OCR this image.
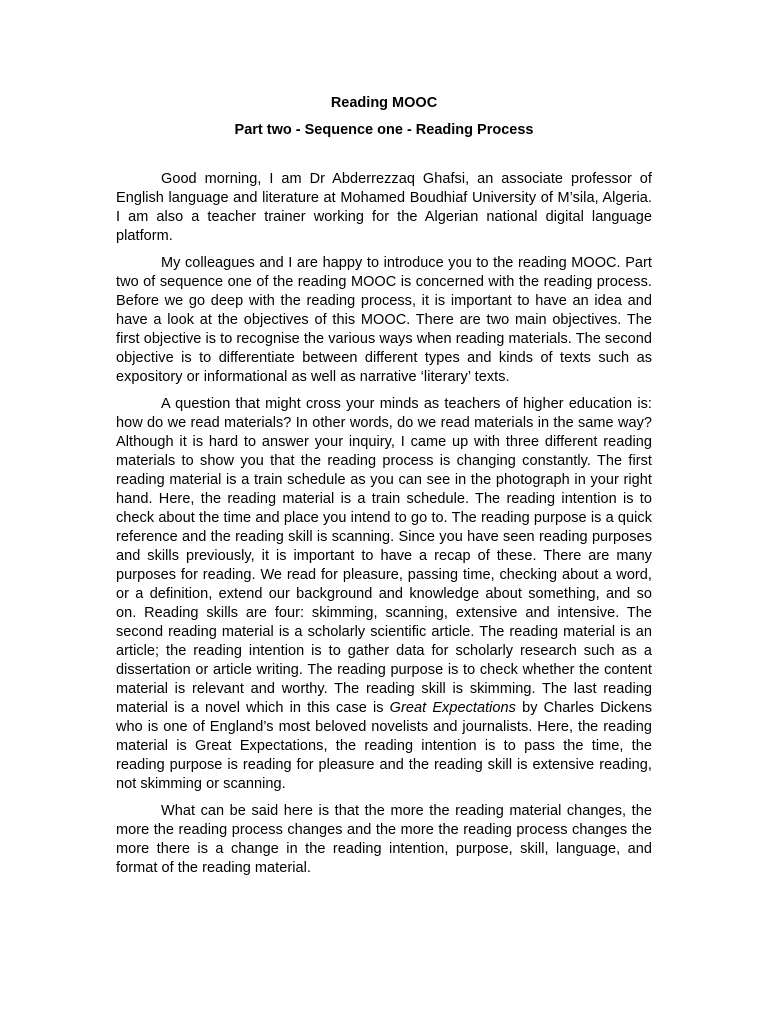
Reading MOOC

Part two - Sequence one - Reading Process

Good morning, I am Dr Abderrezzaq Ghafsi, an associate professor of English language and literature at Mohamed Boudhiaf University of M’sila, Algeria. I am also a teacher trainer working for the Algerian national digital language platform.

My colleagues and I are happy to introduce you to the reading MOOC. Part two of sequence one of the reading MOOC is concerned with the reading process. Before we go deep with the reading process, it is important to have an idea and have a look at the objectives of this MOOC. There are two main objectives. The first objective is to recognise the various ways when reading materials. The second objective is to differentiate between different types and kinds of texts such as expository or informational as well as narrative ‘literary’ texts.

A question that might cross your minds as teachers of higher education is: how do we read materials? In other words, do we read materials in the same way? Although it is hard to answer your inquiry, I came up with three different reading materials to show you that the reading process is changing constantly. The first reading material is a train schedule as you can see in the photograph in your right hand. Here, the reading material is a train schedule. The reading intention is to check about the time and place you intend to go to. The reading purpose is a quick reference and the reading skill is scanning. Since you have seen reading purposes and skills previously, it is important to have a recap of these. There are many purposes for reading. We read for pleasure, passing time, checking about a word, or a definition, extend our background and knowledge about something, and so on. Reading skills are four: skimming, scanning, extensive and intensive. The second reading material is a scholarly scientific article. The reading material is an article; the reading intention is to gather data for scholarly research such as a dissertation or article writing. The reading purpose is to check whether the content material is relevant and worthy. The reading skill is skimming. The last reading material is a novel which in this case is Great Expectations by Charles Dickens who is one of England’s most beloved novelists and journalists. Here, the reading material is Great Expectations, the reading intention is to pass the time, the reading purpose is reading for pleasure and the reading skill is extensive reading, not skimming or scanning.

What can be said here is that the more the reading material changes, the more the reading process changes and the more the reading process changes the more there is a change in the reading intention, purpose, skill, language, and format of the reading material.
